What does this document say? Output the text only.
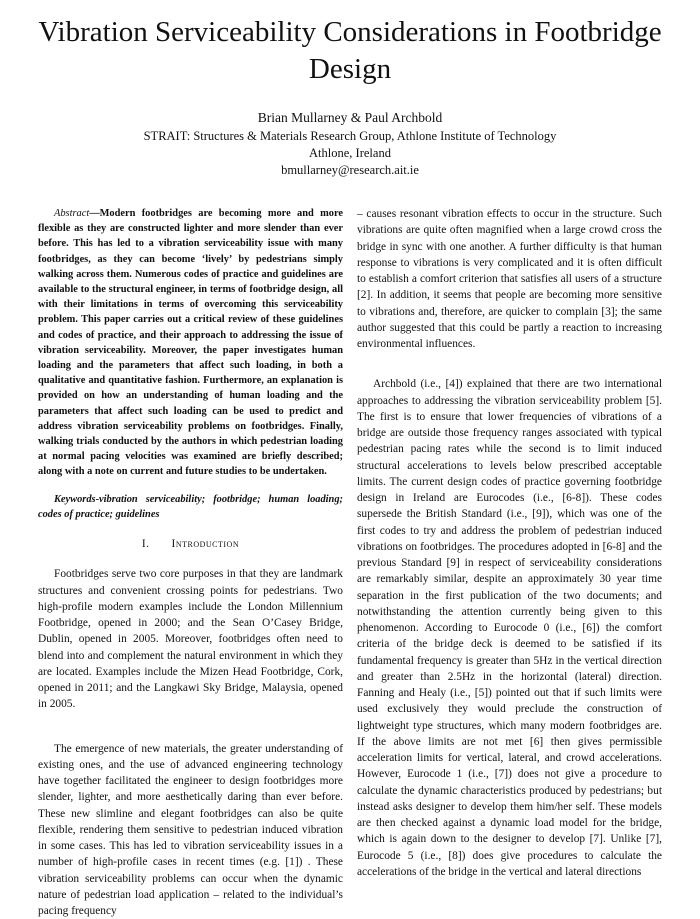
Vibration Serviceability Considerations in Footbridge Design
Brian Mullarney & Paul Archbold
STRAIT: Structures & Materials Research Group, Athlone Institute of Technology
Athlone, Ireland
bmullarney@research.ait.ie

Abstract—Modern footbridges are becoming more and more flexible as they are constructed lighter and more slender than ever before. This has led to a vibration serviceability issue with many footbridges, as they can become ‘lively’ by pedestrians simply walking across them. Numerous codes of practice and guidelines are available to the structural engineer, in terms of footbridge design, all with their limitations in terms of overcoming this serviceability problem. This paper carries out a critical review of these guidelines and codes of practice, and their approach to addressing the issue of vibration serviceability. Moreover, the paper investigates human loading and the parameters that affect such loading, in both a qualitative and quantitative fashion. Furthermore, an explanation is provided on how an understanding of human loading and the parameters that affect such loading can be used to predict and address vibration serviceability problems on footbridges. Finally, walking trials conducted by the authors in which pedestrian loading at normal pacing velocities was examined are briefly described; along with a note on current and future studies to be undertaken.

Keywords-vibration serviceability; footbridge; human loading; codes of practice; guidelines

I. Introduction

Footbridges serve two core purposes in that they are landmark structures and convenient crossing points for pedestrians. Two high-profile modern examples include the London Millennium Footbridge, opened in 2000; and the Sean O’Casey Bridge, Dublin, opened in 2005. Moreover, footbridges often need to blend into and complement the natural environment in which they are located. Examples include the Mizen Head Footbridge, Cork, opened in 2011; and the Langkawi Sky Bridge, Malaysia, opened in 2005.

The emergence of new materials, the greater understanding of existing ones, and the use of advanced engineering technology have together facilitated the engineer to design footbridges more slender, lighter, and more aesthetically daring than ever before. These new slimline and elegant footbridges can also be quite flexible, rendering them sensitive to pedestrian induced vibration in some cases. This has led to vibration serviceability issues in a number of high-profile cases in recent times (e.g. [1]) . These vibration serviceability problems can occur when the dynamic nature of pedestrian load application – related to the individual’s pacing frequency

– causes resonant vibration effects to occur in the structure. Such vibrations are quite often magnified when a large crowd cross the bridge in sync with one another. A further difficulty is that human response to vibrations is very complicated and it is often difficult to establish a comfort criterion that satisfies all users of a structure [2]. In addition, it seems that people are becoming more sensitive to vibrations and, therefore, are quicker to complain [3]; the same author suggested that this could be partly a reaction to increasing environmental influences.

Archbold (i.e., [4]) explained that there are two international approaches to addressing the vibration serviceability problem [5]. The first is to ensure that lower frequencies of vibrations of a bridge are outside those frequency ranges associated with typical pedestrian pacing rates while the second is to limit induced structural accelerations to levels below prescribed acceptable limits. The current design codes of practice governing footbridge design in Ireland are Eurocodes (i.e., [6-8]). These codes supersede the British Standard (i.e., [9]), which was one of the first codes to try and address the problem of pedestrian induced vibrations on footbridges. The procedures adopted in [6-8] and the previous Standard [9] in respect of serviceability considerations are remarkably similar, despite an approximately 30 year time separation in the first publication of the two documents; and notwithstanding the attention currently being given to this phenomenon. According to Eurocode 0 (i.e., [6]) the comfort criteria of the bridge deck is deemed to be satisfied if its fundamental frequency is greater than 5Hz in the vertical direction and greater than 2.5Hz in the horizontal (lateral) direction. Fanning and Healy (i.e., [5]) pointed out that if such limits were used exclusively they would preclude the construction of lightweight type structures, which many modern footbridges are. If the above limits are not met [6] then gives permissible acceleration limits for vertical, lateral, and crowd accelerations. However, Eurocode 1 (i.e., [7]) does not give a procedure to calculate the dynamic characteristics produced by pedestrians; but instead asks designer to develop them him/her self. These models are then checked against a dynamic load model for the bridge, which is again down to the designer to develop [7]. Unlike [7], Eurocode 5 (i.e., [8]) does give procedures to calculate the accelerations of the bridge in the vertical and lateral directions
